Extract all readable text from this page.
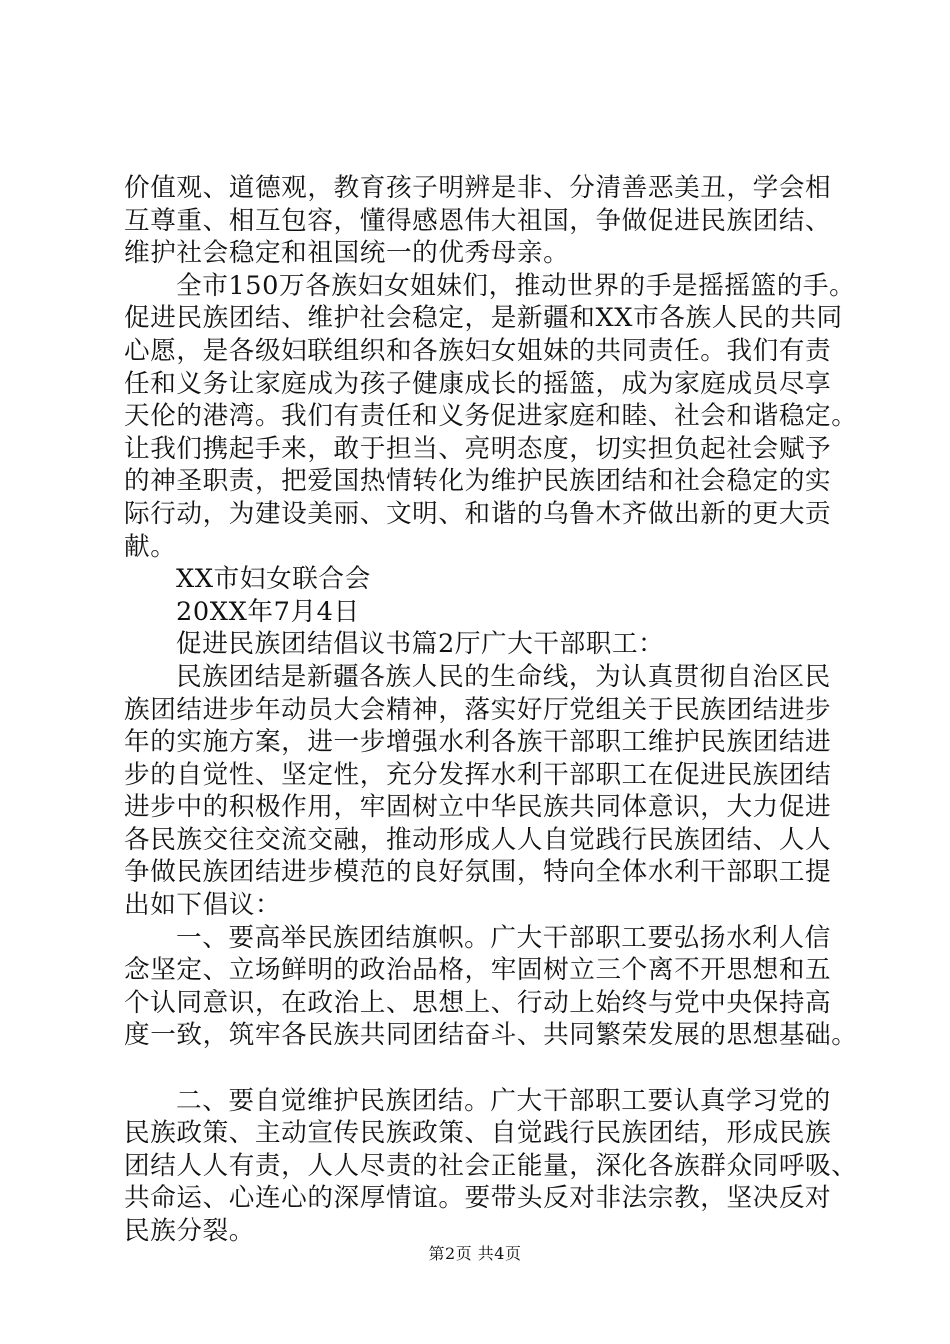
价值观、道德观，教育孩子明辨是非、分清善恶美丑，学会相
互尊重、相互包容，懂得感恩伟大祖国，争做促进民族团结、
维护社会稳定和祖国统一的优秀母亲。
全市150万各族妇女姐妹们，推动世界的手是摇摇篮的手。
促进民族团结、维护社会稳定，是新疆和XX市各族人民的共同
心愿，是各级妇联组织和各族妇女姐妹的共同责任。我们有责
任和义务让家庭成为孩子健康成长的摇篮，成为家庭成员尽享
天伦的港湾。我们有责任和义务促进家庭和睦、社会和谐稳定。
让我们携起手来，敢于担当、亮明态度，切实担负起社会赋予
的神圣职责，把爱国热情转化为维护民族团结和社会稳定的实
际行动，为建设美丽、文明、和谐的乌鲁木齐做出新的更大贡
献。
XX市妇女联合会
20XX年7月4日
促进民族团结倡议书篇2厅广大干部职工：
民族团结是新疆各族人民的生命线，为认真贯彻自治区民
族团结进步年动员大会精神，落实好厅党组关于民族团结进步
年的实施方案，进一步增强水利各族干部职工维护民族团结进
步的自觉性、坚定性，充分发挥水利干部职工在促进民族团结
进步中的积极作用，牢固树立中华民族共同体意识，大力促进
各民族交往交流交融，推动形成人人自觉践行民族团结、人人
争做民族团结进步模范的良好氛围，特向全体水利干部职工提
出如下倡议：
一、要高举民族团结旗帜。广大干部职工要弘扬水利人信
念坚定、立场鲜明的政治品格，牢固树立三个离不开思想和五
个认同意识，在政治上、思想上、行动上始终与党中央保持高
度一致，筑牢各民族共同团结奋斗、共同繁荣发展的思想基础。
二、要自觉维护民族团结。广大干部职工要认真学习党的
民族政策、主动宣传民族政策、自觉践行民族团结，形成民族
团结人人有责，人人尽责的社会正能量，深化各族群众同呼吸、
共命运、心连心的深厚情谊。要带头反对非法宗教，坚决反对
民族分裂。
第2页 共4页
